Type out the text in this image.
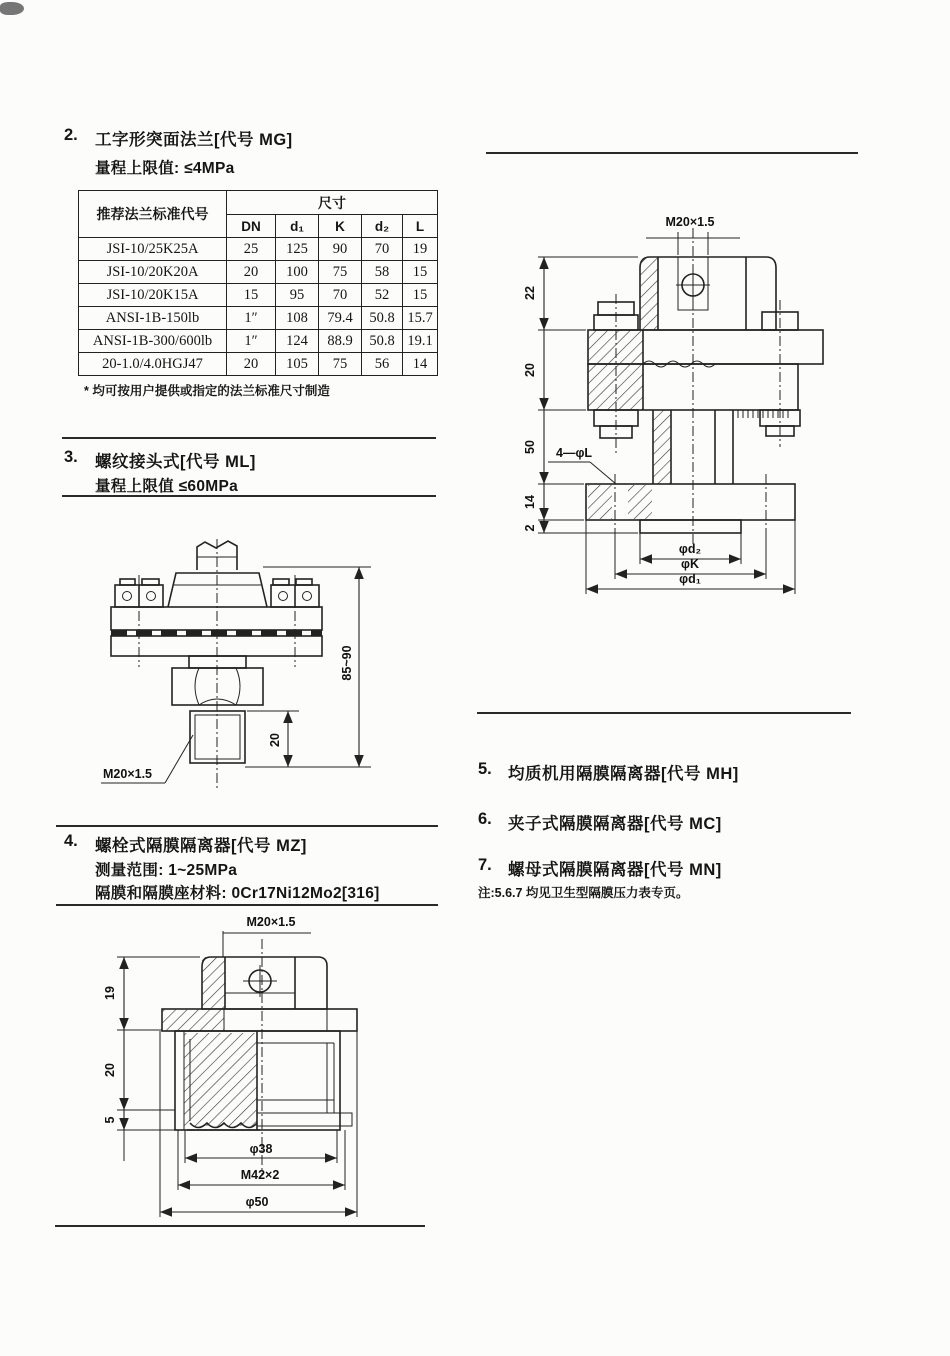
2. 工字形突面法兰[代号 MG]
量程上限值: ≤4MPa
推荐法兰标准代号	尺寸				
	DN	d₁	K	d₂	L
JSI-10/25K25A	25	125	90	70	19
JSI-10/20K20A	20	100	75	58	15
JSI-10/20K15A	15	95	70	52	15
ANSI-1B-150lb	1″	108	79.4	50.8	15.7
ANSI-1B-300/600lb	1″	124	88.9	50.8	19.1
20-1.0/4.0HGJ47	20	105	75	56	14
* 均可按用户提供或指定的法兰标准尺寸制造
3. 螺纹接头式[代号 ML]
量程上限值 ≤60MPa
M20×1.5
20
85~90
4. 螺栓式隔膜隔离器[代号 MZ]
测量范围: 1~25MPa
隔膜和隔膜座材料: 0Cr17Ni12Mo2[316]
M20×1.5
19
20
5
φ38
M42×2
φ50
M20×1.5
4—φL
22
20
50
14
2
φd₂
φK
φd₁
5. 均质机用隔膜隔离器[代号 MH]
6. 夹子式隔膜隔离器[代号 MC]
7. 螺母式隔膜隔离器[代号 MN]
注:5.6.7 均见卫生型隔膜压力表专页。
